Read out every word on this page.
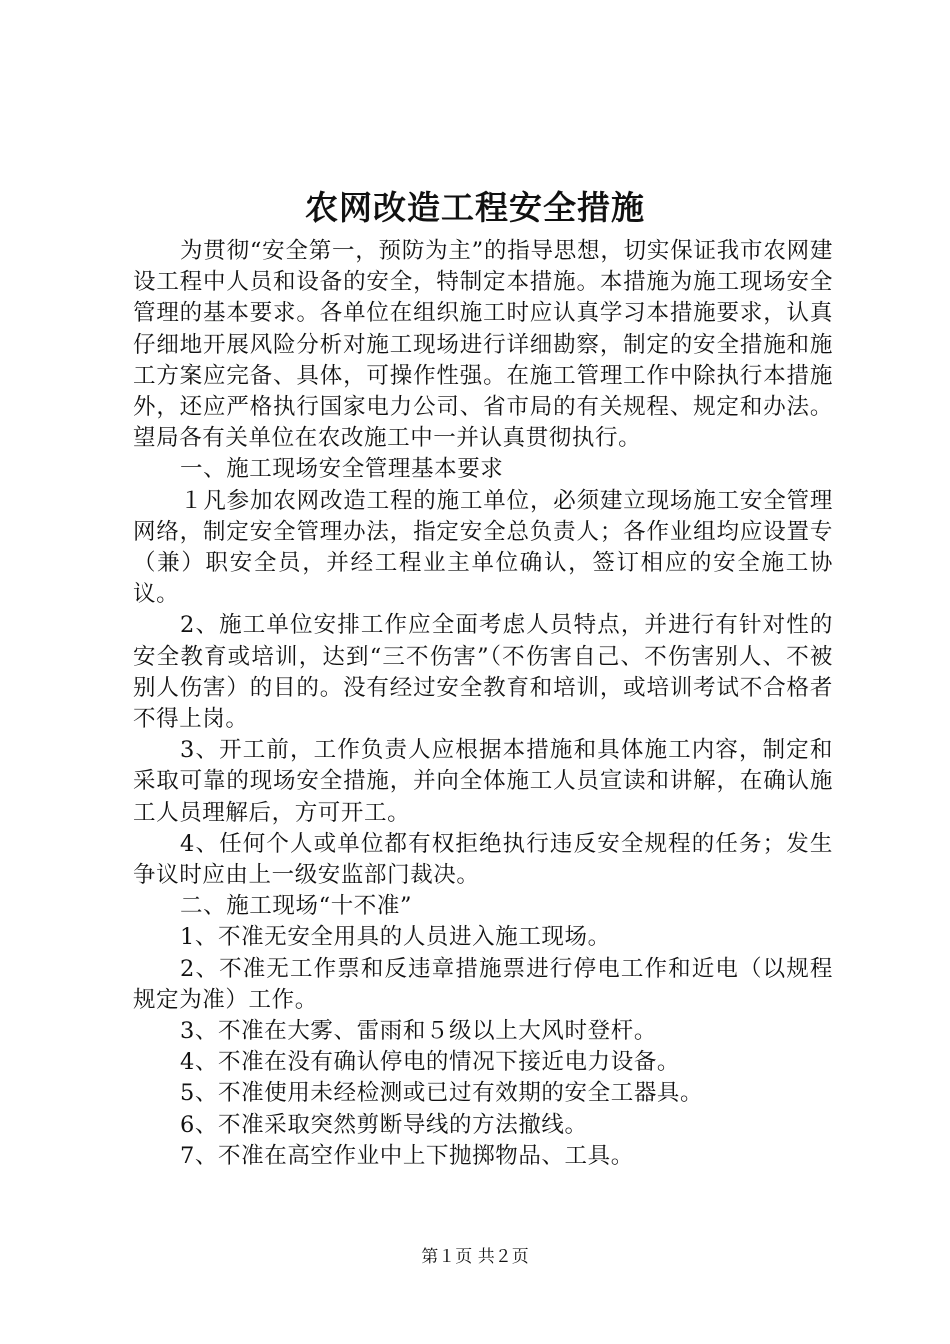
农网改造工程安全措施

为贯彻“安全第一，预防为主”的指导思想，切实保证我市农网建设工程中人员和设备的安全，特制定本措施。本措施为施工现场安全管理的基本要求。各单位在组织施工时应认真学习本措施要求，认真仔细地开展风险分析对施工现场进行详细勘察，制定的安全措施和施工方案应完备、具体，可操作性强。在施工管理工作中除执行本措施外，还应严格执行国家电力公司、省市局的有关规程、规定和办法。望局各有关单位在农改施工中一并认真贯彻执行。

一、施工现场安全管理基本要求

１凡参加农网改造工程的施工单位，必须建立现场施工安全管理网络，制定安全管理办法，指定安全总负责人；各作业组均应设置专（兼）职安全员，并经工程业主单位确认，签订相应的安全施工协议。

2、施工单位安排工作应全面考虑人员特点，并进行有针对性的安全教育或培训，达到“三不伤害”（不伤害自己、不伤害别人、不被别人伤害）的目的。没有经过安全教育和培训，或培训考试不合格者不得上岗。

3、开工前，工作负责人应根据本措施和具体施工内容，制定和采取可靠的现场安全措施，并向全体施工人员宣读和讲解，在确认施工人员理解后，方可开工。

4、任何个人或单位都有权拒绝执行违反安全规程的任务；发生争议时应由上一级安监部门裁决。

二、施工现场“十不准”

1、不准无安全用具的人员进入施工现场。

2、不准无工作票和反违章措施票进行停电工作和近电（以规程规定为准）工作。

3、不准在大雾、雷雨和５级以上大风时登杆。

4、不准在没有确认停电的情况下接近电力设备。

5、不准使用未经检测或已过有效期的安全工器具。

6、不准采取突然剪断导线的方法撤线。

7、不准在高空作业中上下抛掷物品、工具。

第１页 共２页
